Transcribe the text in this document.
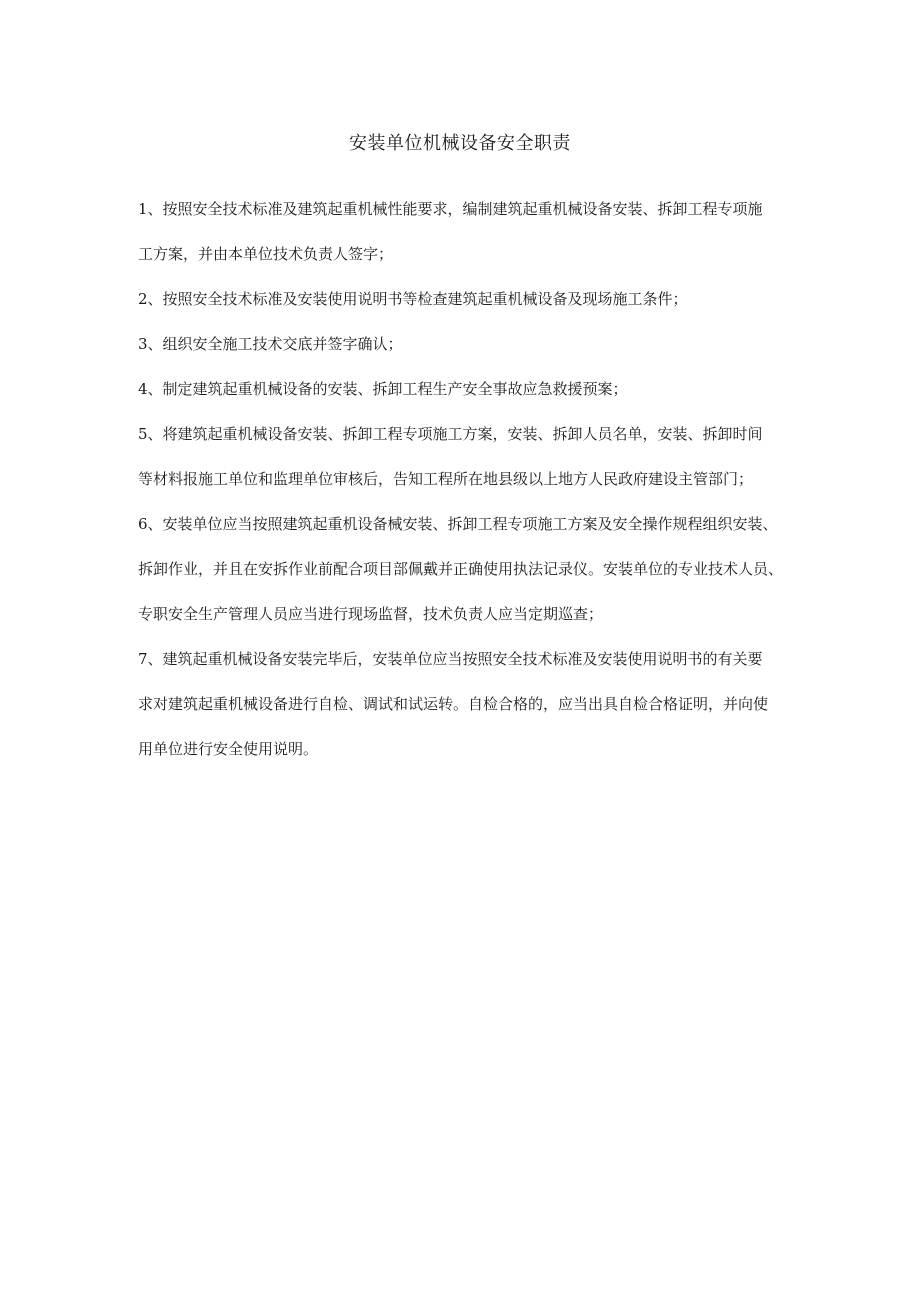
安装单位机械设备安全职责
1、按照安全技术标准及建筑起重机械性能要求，编制建筑起重机械设备安装、拆卸工程专项施
工方案，并由本单位技术负责人签字；
2、按照安全技术标准及安装使用说明书等检查建筑起重机械设备及现场施工条件；
3、组织安全施工技术交底并签字确认；
4、制定建筑起重机械设备的安装、拆卸工程生产安全事故应急救援预案；
5、将建筑起重机械设备安装、拆卸工程专项施工方案，安装、拆卸人员名单，安装、拆卸时间
等材料报施工单位和监理单位审核后，告知工程所在地县级以上地方人民政府建设主管部门；
6、安装单位应当按照建筑起重机设备械安装、拆卸工程专项施工方案及安全操作规程组织安装、
拆卸作业，并且在安拆作业前配合项目部佩戴并正确使用执法记录仪。安装单位的专业技术人员、
专职安全生产管理人员应当进行现场监督，技术负责人应当定期巡查；
7、建筑起重机械设备安装完毕后，安装单位应当按照安全技术标准及安装使用说明书的有关要
求对建筑起重机械设备进行自检、调试和试运转。自检合格的，应当出具自检合格证明，并向使
用单位进行安全使用说明。
